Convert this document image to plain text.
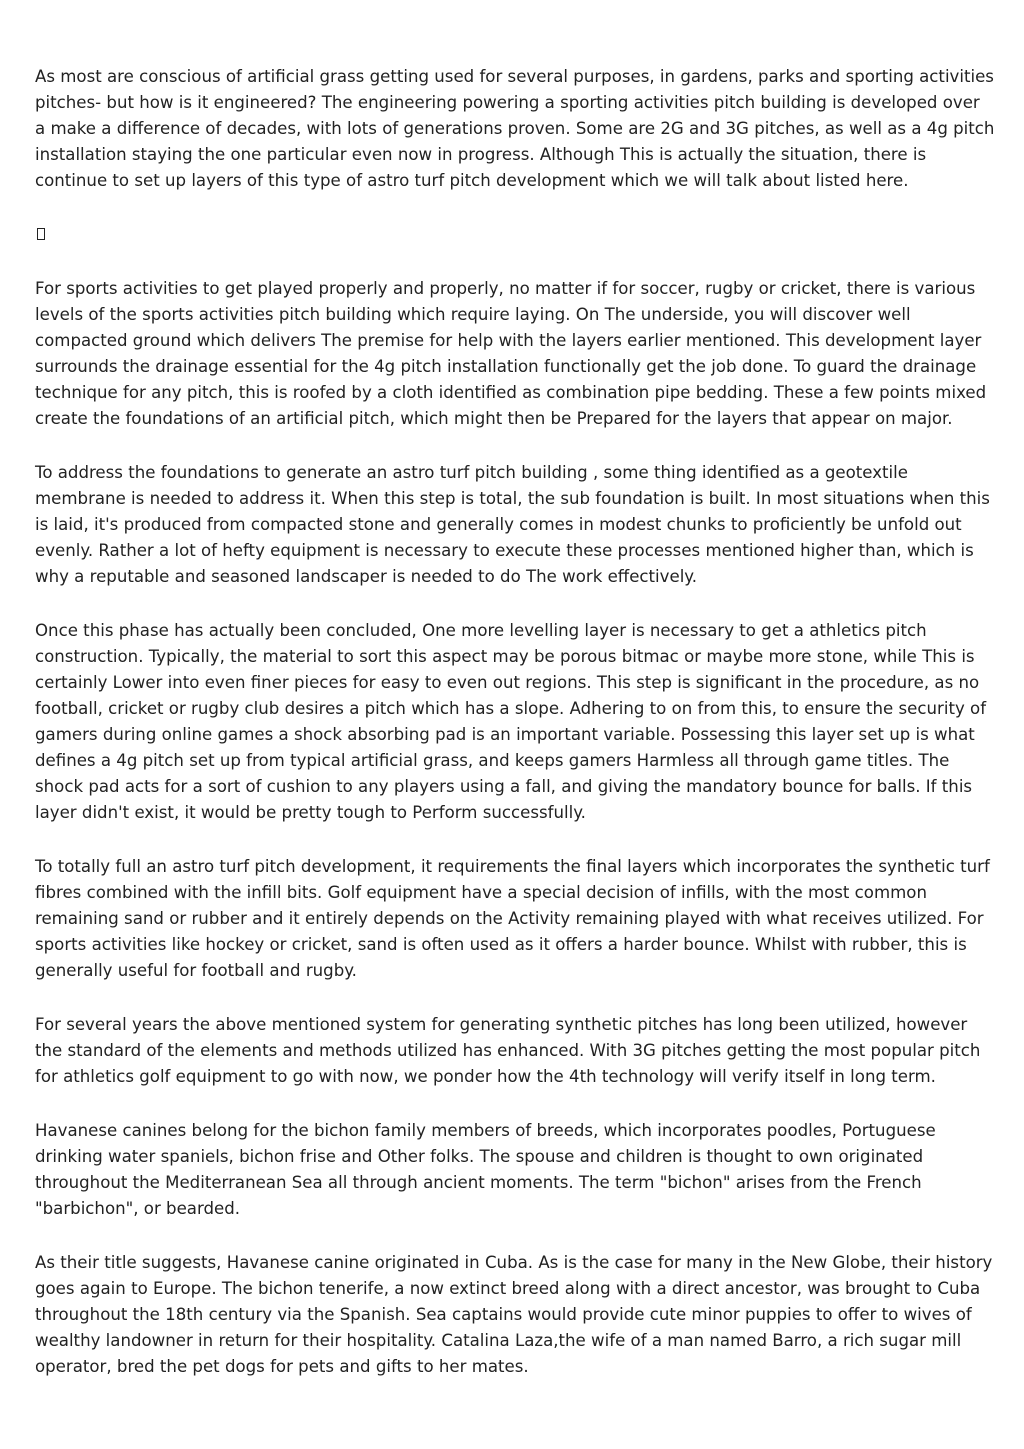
As most are conscious of artificial grass getting used for several purposes, in gardens, parks and sporting activities pitches- but how is it engineered? The engineering powering a sporting activities pitch building is developed over a make a difference of decades, with lots of generations proven. Some are 2G and 3G pitches, as well as a 4g pitch installation staying the one particular even now in progress. Although This is actually the situation, there is continue to set up layers of this type of astro turf pitch development which we will talk about listed here.

For sports activities to get played properly and properly, no matter if for soccer, rugby or cricket, there is various levels of the sports activities pitch building which require laying. On The underside, you will discover well compacted ground which delivers The premise for help with the layers earlier mentioned. This development layer surrounds the drainage essential for the 4g pitch installation functionally get the job done. To guard the drainage technique for any pitch, this is roofed by a cloth identified as combination pipe bedding. These a few points mixed create the foundations of an artificial pitch, which might then be Prepared for the layers that appear on major.

To address the foundations to generate an astro turf pitch building , some thing identified as a geotextile membrane is needed to address it. When this step is total, the sub foundation is built. In most situations when this is laid, it's produced from compacted stone and generally comes in modest chunks to proficiently be unfold out evenly. Rather a lot of hefty equipment is necessary to execute these processes mentioned higher than, which is why a reputable and seasoned landscaper is needed to do The work effectively.

Once this phase has actually been concluded, One more levelling layer is necessary to get a athletics pitch construction. Typically, the material to sort this aspect may be porous bitmac or maybe more stone, while This is certainly Lower into even finer pieces for easy to even out regions. This step is significant in the procedure, as no football, cricket or rugby club desires a pitch which has a slope. Adhering to on from this, to ensure the security of gamers during online games a shock absorbing pad is an important variable. Possessing this layer set up is what defines a 4g pitch set up from typical artificial grass, and keeps gamers Harmless all through game titles. The shock pad acts for a sort of cushion to any players using a fall, and giving the mandatory bounce for balls. If this layer didn't exist, it would be pretty tough to Perform successfully.

To totally full an astro turf pitch development, it requirements the final layers which incorporates the synthetic turf fibres combined with the infill bits. Golf equipment have a special decision of infills, with the most common remaining sand or rubber and it entirely depends on the Activity remaining played with what receives utilized. For sports activities like hockey or cricket, sand is often used as it offers a harder bounce. Whilst with rubber, this is generally useful for football and rugby.

For several years the above mentioned system for generating synthetic pitches has long been utilized, however the standard of the elements and methods utilized has enhanced. With 3G pitches getting the most popular pitch for athletics golf equipment to go with now, we ponder how the 4th technology will verify itself in long term.

Havanese canines belong for the bichon family members of breeds, which incorporates poodles, Portuguese drinking water spaniels, bichon frise and Other folks. The spouse and children is thought to own originated throughout the Mediterranean Sea all through ancient moments. The term "bichon" arises from the French "barbichon", or bearded.

As their title suggests, Havanese canine originated in Cuba. As is the case for many in the New Globe, their history goes again to Europe. The bichon tenerife, a now extinct breed along with a direct ancestor, was brought to Cuba throughout the 18th century via the Spanish. Sea captains would provide cute minor puppies to offer to wives of wealthy landowner in return for their hospitality. Catalina Laza,the wife of a man named Barro, a rich sugar mill operator, bred the pet dogs for pets and gifts to her mates.
